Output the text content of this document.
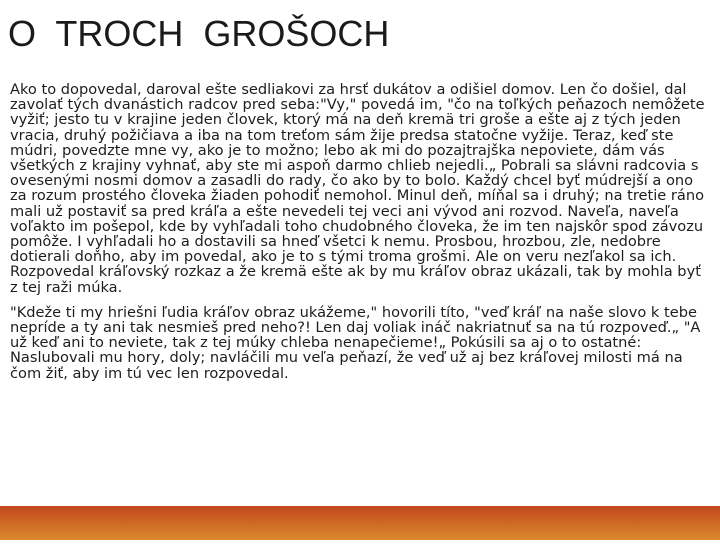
O  TROCH  GROŠOCH

Ako to dopovedal, daroval ešte sedliakovi za hrsť dukátov a odišiel domov. Len čo došiel, dal zavolať tých dvanástich radcov pred seba:"Vy," povedá im, "čo na toľkých peňazoch nemôžete vyžiť; jesto tu v krajine jeden človek, ktorý má na deň kremä tri groše a ešte aj z tých jeden vracia, druhý požičiava a iba na tom treťom sám žije predsa statočne vyžije. Teraz, keď ste múdri, povedzte mne vy, ako je to možno; lebo ak mi do pozajtrajška nepoviete, dám vás všetkých z krajiny vyhnať, aby ste mi aspoň darmo chlieb nejedli.„ Pobrali sa slávni radcovia s ovesenými nosmi domov a zasadli do rady, čo ako by to bolo. Každý chcel byť múdrejší a ono za rozum prostého človeka žiaden pohodiť nemohol. Minul deň, míňal sa i druhý; na tretie ráno mali už postaviť sa pred kráľa a ešte nevedeli tej veci ani vývod ani rozvod. Naveľa, naveľa voľakto im pošepol, kde by vyhľadali toho chudobného človeka, že im ten najskôr spod závozu pomôže. I vyhľadali ho a dostavili sa hneď všetci k nemu. Prosbou, hrozbou, zle, nedobre dotierali doňho, aby im povedal, ako je to s tými troma grošmi. Ale on veru nezľakol sa ich. Rozpovedal kráľovský rozkaz a že kremä ešte ak by mu kráľov obraz ukázali, tak by mohla byť z tej raži múka.

"Kdeže ti my hriešni ľudia kráľov obraz ukážeme," hovorili títo, "veď kráľ na naše slovo k tebe nepríde a ty ani tak nesmieš pred neho?! Len daj voliak ináč nakriatnuť sa na tú rozpoveď.„ "A už keď ani to neviete, tak z tej múky chleba nenapečieme!„ Pokúsili sa aj o to ostatné: Naslubovali mu hory, doly; navláčili mu veľa peňazí, že veď už aj bez kráľovej milosti má na čom žiť, aby im tú vec len rozpovedal.
